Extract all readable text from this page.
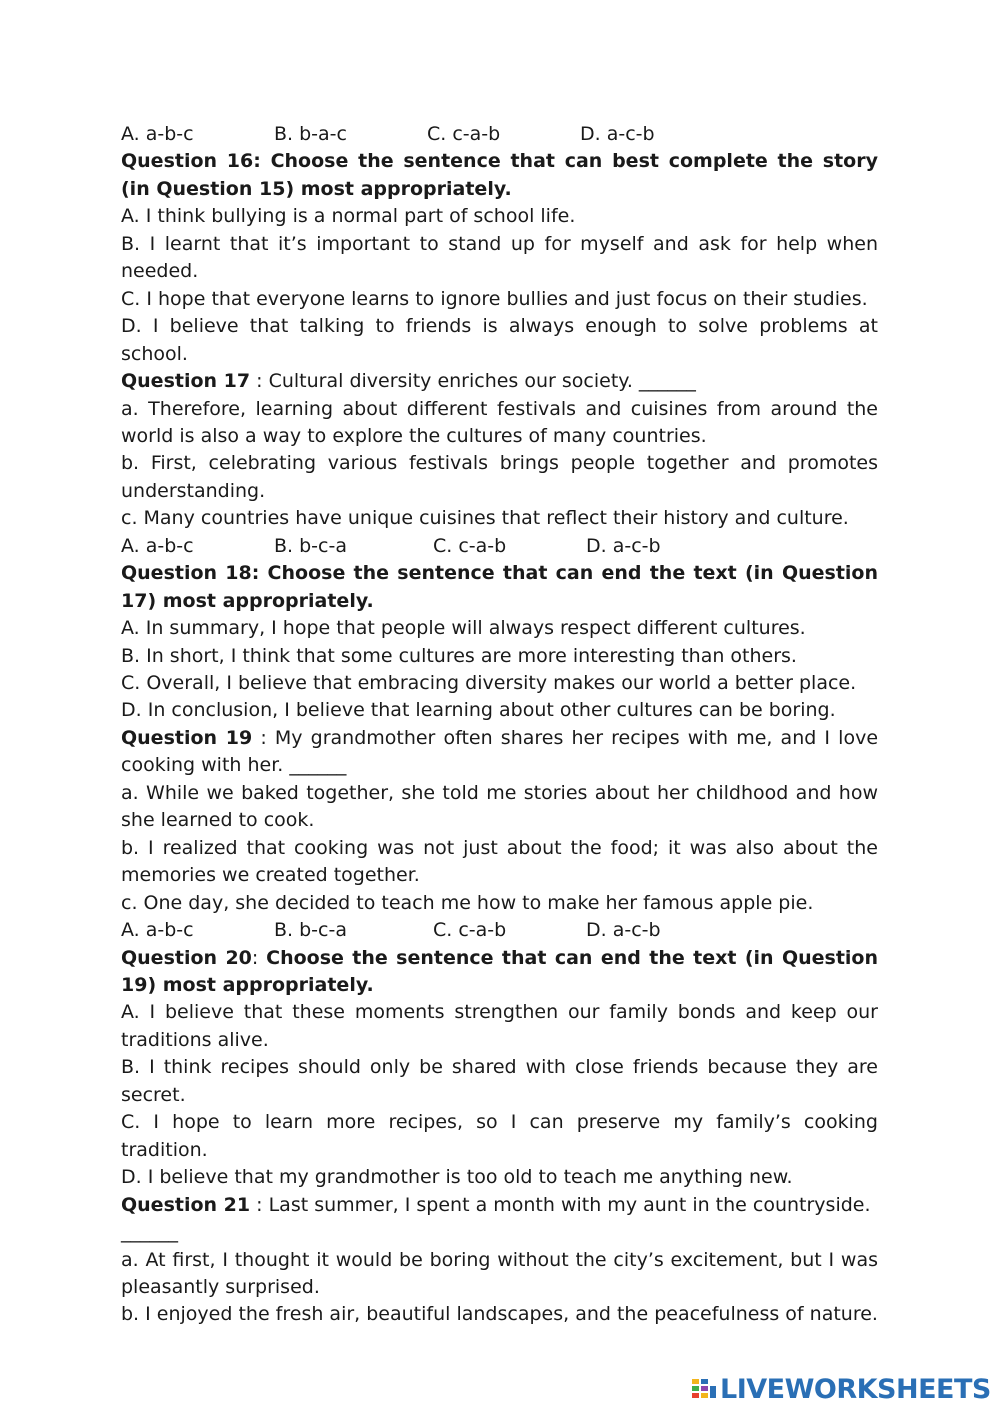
A. a-b-c	B. b-a-c	C. c-a-b	D. a-c-b

Question 16: Choose the sentence that can best complete the story (in Question 15) most appropriately.

A. I think bullying is a normal part of school life.

B. I learnt that it’s important to stand up for myself and ask for help when needed.

C. I hope that everyone learns to ignore bullies and just focus on their studies.

D. I believe that talking to friends is always enough to solve problems at school.

Question 17 : Cultural diversity enriches our society. ______

a. Therefore, learning about different festivals and cuisines from around the world is also a way to explore the cultures of many countries.

b. First, celebrating various festivals brings people together and promotes understanding.

c. Many countries have unique cuisines that reflect their history and culture.

A. a-b-c	B. b-c-a	C. c-a-b	D. a-c-b

Question 18: Choose the sentence that can end the text (in Question 17) most appropriately.

A. In summary, I hope that people will always respect different cultures.

B. In short, I think that some cultures are more interesting than others.

C. Overall, I believe that embracing diversity makes our world a better place.

D. In conclusion, I believe that learning about other cultures can be boring.

Question 19 : My grandmother often shares her recipes with me, and I love cooking with her. ______

a. While we baked together, she told me stories about her childhood and how she learned to cook.

b. I realized that cooking was not just about the food; it was also about the memories we created together.

c. One day, she decided to teach me how to make her famous apple pie.

A. a-b-c	B. b-c-a	C. c-a-b	D. a-c-b

Question 20: Choose the sentence that can end the text (in Question 19) most appropriately.

A. I believe that these moments strengthen our family bonds and keep our traditions alive.

B. I think recipes should only be shared with close friends because they are secret.

C. I hope to learn more recipes, so I can preserve my family’s cooking tradition.

D. I believe that my grandmother is too old to teach me anything new.

Question 21 : Last summer, I spent a month with my aunt in the countryside.

______

a. At first, I thought it would be boring without the city’s excitement, but I was pleasantly surprised.

b. I enjoyed the fresh air, beautiful landscapes, and the peacefulness of nature.

LIVEWORKSHEETS
